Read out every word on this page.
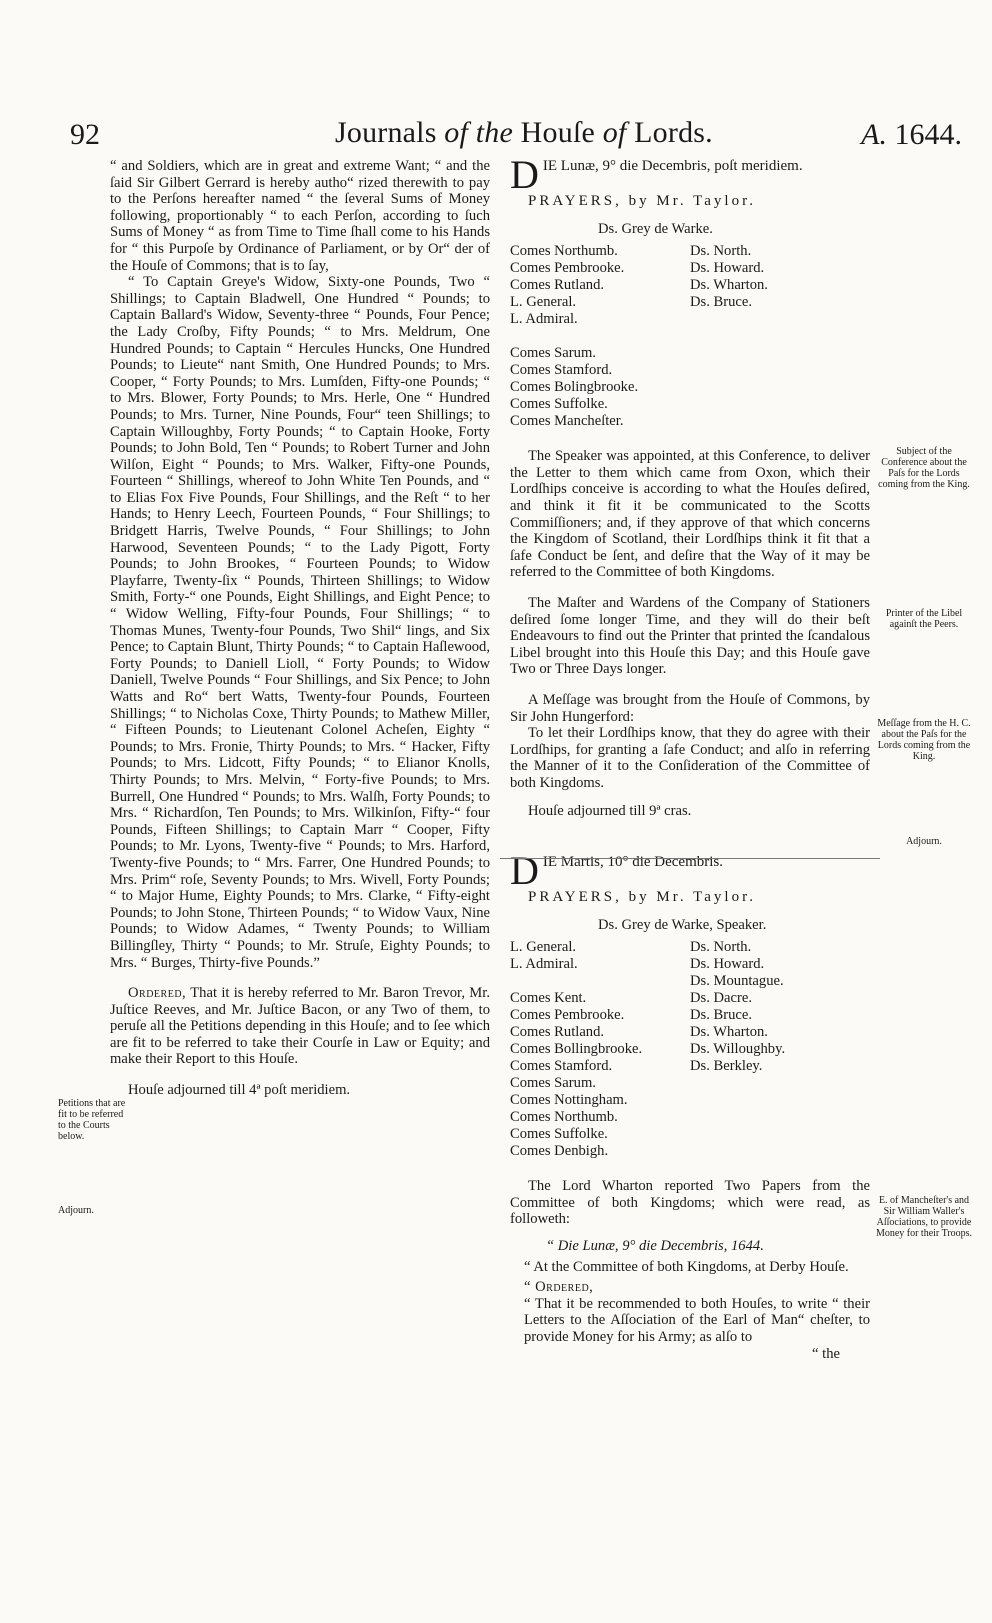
92	Journals of the Houſe of Lords.	A. 1644.

“ and Soldiers, which are in great and extreme Want; “ and the ſaid Sir Gilbert Gerrard is hereby autho“ rized therewith to pay to the Perſons hereafter named “ the ſeveral Sums of Money following, proportionably “ to each Perſon, according to ſuch Sums of Money “ as from Time to Time ſhall come to his Hands for “ this Purpoſe by Ordinance of Parliament, or by Or“ der of the Houſe of Commons; that is to ſay,

“ To Captain Greye's Widow, Sixty-one Pounds, Two “ Shillings; to Captain Bladwell, One Hundred “ Pounds; to Captain Ballard's Widow, Seventy-three “ Pounds, Four Pence; the Lady Croſby, Fifty Pounds; “ to Mrs. Meldrum, One Hundred Pounds; to Captain “ Hercules Huncks, One Hundred Pounds; to Lieute“ nant Smith, One Hundred Pounds; to Mrs. Cooper, “ Forty Pounds; to Mrs. Lumſden, Fifty-one Pounds; “ to Mrs. Blower, Forty Pounds; to Mrs. Herle, One “ Hundred Pounds; to Mrs. Turner, Nine Pounds, Four“ teen Shillings; to Captain Willoughby, Forty Pounds; “ to Captain Hooke, Forty Pounds; to John Bold, Ten “ Pounds; to Robert Turner and John Wilſon, Eight “ Pounds; to Mrs. Walker, Fifty-one Pounds, Fourteen “ Shillings, whereof to John White Ten Pounds, and “ to Elias Fox Five Pounds, Four Shillings, and the Reſt “ to her Hands; to Henry Leech, Fourteen Pounds, “ Four Shillings; to Bridgett Harris, Twelve Pounds, “ Four Shillings; to John Harwood, Seventeen Pounds; “ to the Lady Pigott, Forty Pounds; to John Brookes, “ Fourteen Pounds; to Widow Playfarre, Twenty-ſix “ Pounds, Thirteen Shillings; to Widow Smith, Forty-“ one Pounds, Eight Shillings, and Eight Pence; to “ Widow Welling, Fifty-four Pounds, Four Shillings; “ to Thomas Munes, Twenty-four Pounds, Two Shil“ lings, and Six Pence; to Captain Blunt, Thirty Pounds; “ to Captain Haſlewood, Forty Pounds; to Daniell Lioll, “ Forty Pounds; to Widow Daniell, Twelve Pounds “ Four Shillings, and Six Pence; to John Watts and Ro“ bert Watts, Twenty-four Pounds, Fourteen Shillings; “ to Nicholas Coxe, Thirty Pounds; to Mathew Miller, “ Fifteen Pounds; to Lieutenant Colonel Acheſen, Eighty “ Pounds; to Mrs. Fronie, Thirty Pounds; to Mrs. “ Hacker, Fifty Pounds; to Mrs. Lidcott, Fifty Pounds; “ to Elianor Knolls, Thirty Pounds; to Mrs. Melvin, “ Forty-five Pounds; to Mrs. Burrell, One Hundred “ Pounds; to Mrs. Walſh, Forty Pounds; to Mrs. “ Richardſon, Ten Pounds; to Mrs. Wilkinſon, Fifty-“ four Pounds, Fifteen Shillings; to Captain Marr “ Cooper, Fifty Pounds; to Mr. Lyons, Twenty-five “ Pounds; to Mrs. Harford, Twenty-five Pounds; to “ Mrs. Farrer, One Hundred Pounds; to Mrs. Prim“ roſe, Seventy Pounds; to Mrs. Wivell, Forty Pounds; “ to Major Hume, Eighty Pounds; to Mrs. Clarke, “ Fifty-eight Pounds; to John Stone, Thirteen Pounds; “ to Widow Vaux, Nine Pounds; to Widow Adames, “ Twenty Pounds; to William Billingſley, Thirty “ Pounds; to Mr. Struſe, Eighty Pounds; to Mrs. “ Burges, Thirty-five Pounds.”

Ordered, That it is hereby referred to Mr. Baron Trevor, Mr. Juſtice Reeves, and Mr. Juſtice Bacon, or any Two of them, to peruſe all the Petitions depending in this Houſe; and to ſee which are fit to be referred to take their Courſe in Law or Equity; and make their Report to this Houſe.

Houſe adjourned till 4ª poſt meridiem.

Petitions that are fit to be referred to the Courts below.
Adjourn.
DIE Lunæ, 9° die Decembris, poſt meridiem.
PRAYERS, by Mr. Taylor.
Ds. Grey de Warke.
Comes Northumb.
Comes Pembrooke.
Comes Rutland.
L. General.
L. Admiral.
Comes Sarum.
Comes Stamford.
Comes Bolingbrooke.
Comes Suffolke.
Comes Mancheſter.
Ds. North.
Ds. Howard.
Ds. Wharton.
Ds. Bruce.

The Speaker was appointed, at this Conference, to deliver the Letter to them which came from Oxon, which their Lordſhips conceive is according to what the Houſes deſired, and think it fit it be communicated to the Scotts Commiſſioners; and, if they approve of that which concerns the Kingdom of Scotland, their Lordſhips think it fit that a ſafe Conduct be ſent, and deſire that the Way of it may be referred to the Committee of both Kingdoms.

The Maſter and Wardens of the Company of Stationers deſired ſome longer Time, and they will do their beſt Endeavours to find out the Printer that printed the ſcandalous Libel brought into this Houſe this Day; and this Houſe gave Two or Three Days longer.

A Meſſage was brought from the Houſe of Commons, by Sir John Hungerford:

To let their Lordſhips know, that they do agree with their Lordſhips, for granting a ſafe Conduct; and alſo in referring the Manner of it to the Conſideration of the Committee of both Kingdoms.

Houſe adjourned till 9ª cras.

DIE Martis, 10° die Decembris.
PRAYERS, by Mr. Taylor.
Ds. Grey de Warke, Speaker.
L. General.
L. Admiral.
Comes Kent.
Comes Pembrooke.
Comes Rutland.
Comes Bollingbrooke.
Comes Stamford.
Comes Sarum.
Comes Nottingham.
Comes Northumb.
Comes Suffolke.
Comes Denbigh.
Ds. North.
Ds. Howard.
Ds. Mountague.
Ds. Dacre.
Ds. Bruce.
Ds. Wharton.
Ds. Willoughby.
Ds. Berkley.

The Lord Wharton reported Two Papers from the Committee of both Kingdoms; which were read, as followeth:

“ Die Lunæ, 9° die Decembris, 1644.

“ At the Committee of both Kingdoms, at Derby Houſe.

“ Ordered,

“ That it be recommended to both Houſes, to write “ their Letters to the Aſſociation of the Earl of Man“ cheſter, to provide Money for his Army; as alſo to

“ the

Subject of the Conference about the Paſs for the Lords coming from the King.
Printer of the Libel againſt the Peers.
Meſſage from the H. C. about the Paſs for the Lords coming from the King.
Adjourn.
E. of Mancheſter's and Sir William Waller's Aſſociations, to provide Money for their Troops.
